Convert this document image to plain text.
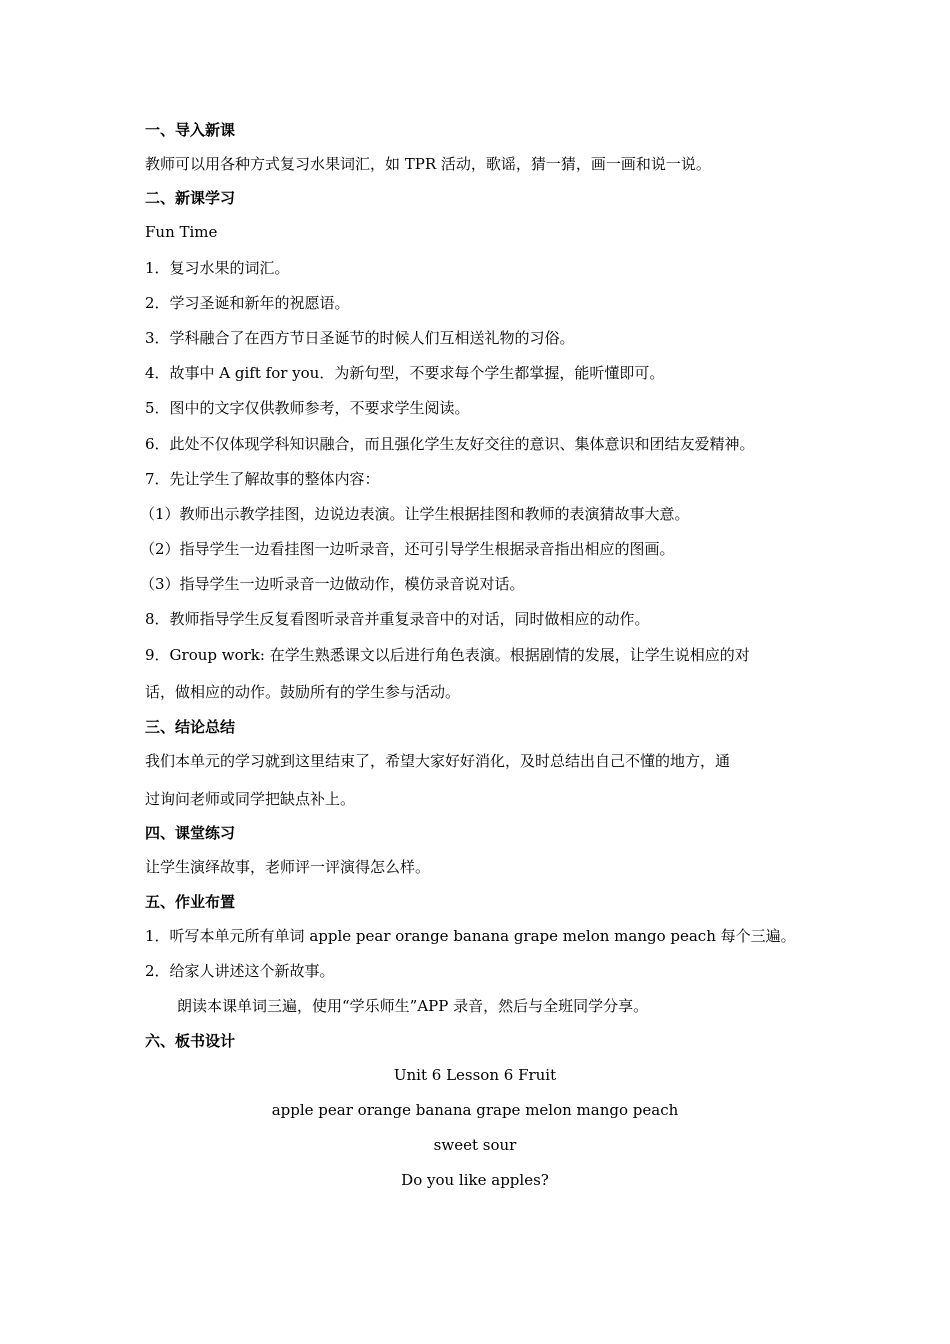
一、导入新课
教师可以用各种方式复习水果词汇，如 TPR 活动，歌谣，猜一猜，画一画和说一说。
二、新课学习
Fun Time
1．复习水果的词汇。
2．学习圣诞和新年的祝愿语。
3．学科融合了在西方节日圣诞节的时候人们互相送礼物的习俗。
4．故事中 A gift for you．为新句型，不要求每个学生都掌握，能听懂即可。
5．图中的文字仅供教师参考，不要求学生阅读。
6．此处不仅体现学科知识融合，而且强化学生友好交往的意识、集体意识和团结友爱精神。
7．先让学生了解故事的整体内容：
（1）教师出示教学挂图，边说边表演。让学生根据挂图和教师的表演猜故事大意。
（2）指导学生一边看挂图一边听录音，还可引导学生根据录音指出相应的图画。
（3）指导学生一边听录音一边做动作，模仿录音说对话。
8．教师指导学生反复看图听录音并重复录音中的对话，同时做相应的动作。
9．Group work: 在学生熟悉课文以后进行角色表演。根据剧情的发展，让学生说相应的对
话，做相应的动作。鼓励所有的学生参与活动。
三、结论总结
我们本单元的学习就到这里结束了，希望大家好好消化，及时总结出自己不懂的地方，通
过询问老师或同学把缺点补上。
四、课堂练习
让学生演绎故事，老师评一评演得怎么样。
五、作业布置
1．听写本单元所有单词 apple pear orange banana grape melon mango peach 每个三遍。
2．给家人讲述这个新故事。
朗读本课单词三遍，使用“学乐师生”APP 录音，然后与全班同学分享。
六、板书设计
Unit 6 Lesson 6 Fruit
apple pear orange banana grape melon mango peach
sweet sour
Do you like apples?
